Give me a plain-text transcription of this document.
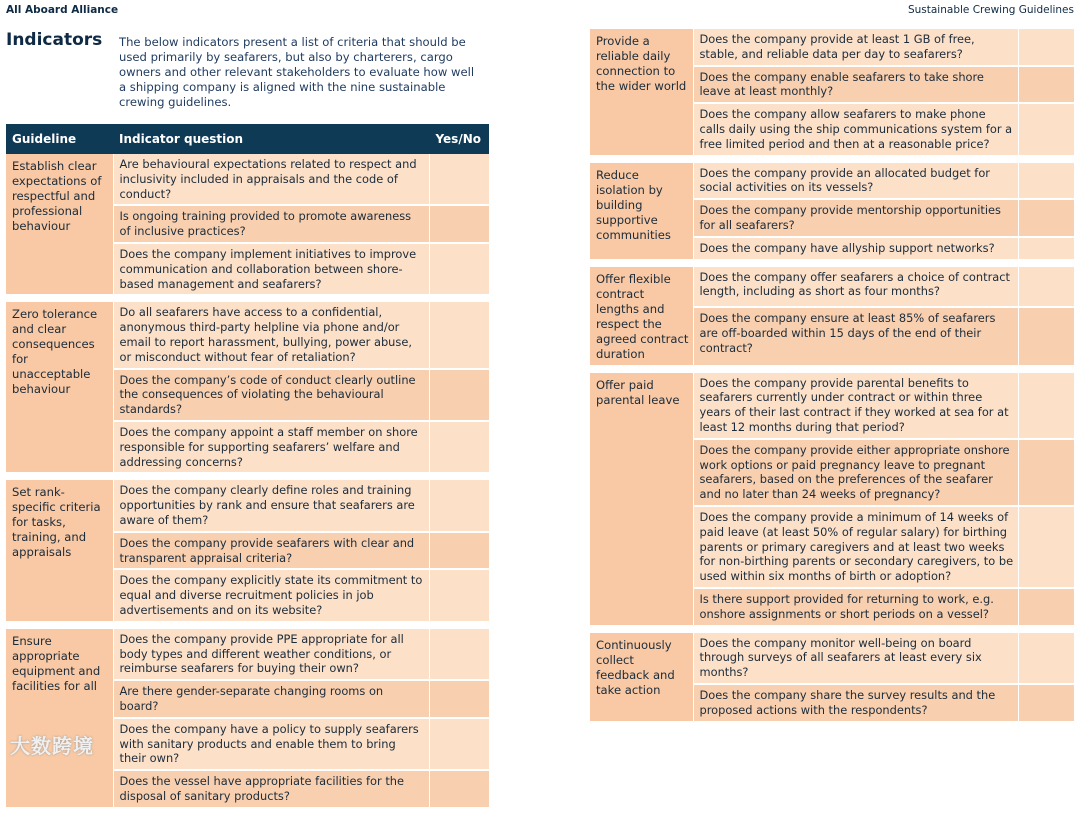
All Aboard Alliance	Sustainable Crewing Guidelines
Indicators The below indicators present a list of criteria that should be used primarily by seafarers, but also by charterers, cargo owners and other relevant stakeholders to evaluate how well a shipping company is aligned with the nine sustainable crewing guidelines.
Guideline	Indicator question	Yes/No
Establish clear expectations of respectful and professional behaviour	Are behavioural expectations related to respect and inclusivity included in appraisals and the code of conduct?	
	Is ongoing training provided to promote awareness of inclusive practices?	
	Does the company implement initiatives to improve communication and collaboration between shore-based management and seafarers?	
Zero tolerance and clear consequences for unacceptable behaviour	Do all seafarers have access to a confidential, anonymous third-party helpline via phone and/or email to report harassment, bullying, power abuse, or misconduct without fear of retaliation?	
	Does the company’s code of conduct clearly outline the consequences of violating the behavioural standards?	
	Does the company appoint a staff member on shore responsible for supporting seafarers’ welfare and addressing concerns?	
Set rank-specific criteria for tasks, training, and appraisals	Does the company clearly define roles and training opportunities by rank and ensure that seafarers are aware of them?	
	Does the company provide seafarers with clear and transparent appraisal criteria?	
	Does the company explicitly state its commitment to equal and diverse recruitment policies in job advertisements and on its website?	
Ensure appropriate equipment and facilities for all	Does the company provide PPE appropriate for all body types and different weather conditions, or reimburse seafarers for buying their own?	
	Are there gender-separate changing rooms on board?	
	Does the company have a policy to supply seafarers with sanitary products and enable them to bring their own?	
	Does the vessel have appropriate facilities for the disposal of sanitary products?	
Provide a reliable daily connection to the wider world	Does the company provide at least 1 GB of free, stable, and reliable data per day to seafarers?	
	Does the company enable seafarers to take shore leave at least monthly?	
	Does the company allow seafarers to make phone calls daily using the ship communications system for a free limited period and then at a reasonable price?	
Reduce isolation by building supportive communities	Does the company provide an allocated budget for social activities on its vessels?	
	Does the company provide mentorship opportunities for all seafarers?	
	Does the company have allyship support networks?	
Offer flexible contract lengths and respect the agreed contract duration	Does the company offer seafarers a choice of contract length, including as short as four months?	
	Does the company ensure at least 85% of seafarers are off-boarded within 15 days of the end of their contract?	
Offer paid parental leave	Does the company provide parental benefits to seafarers currently under contract or within three years of their last contract if they worked at sea for at least 12 months during that period?	
	Does the company provide either appropriate onshore work options or paid pregnancy leave to pregnant seafarers, based on the preferences of the seafarer and no later than 24 weeks of pregnancy?	
	Does the company provide a minimum of 14 weeks of paid leave (at least 50% of regular salary) for birthing parents or primary caregivers and at least two weeks for non-birthing parents or secondary caregivers, to be used within six months of birth or adoption?	
	Is there support provided for returning to work, e.g. onshore assignments or short periods on a vessel?	
Continuously collect feedback and take action	Does the company monitor well-being on board through surveys of all seafarers at least every six months?	
	Does the company share the survey results and the proposed actions with the respondents?	
大数跨境
